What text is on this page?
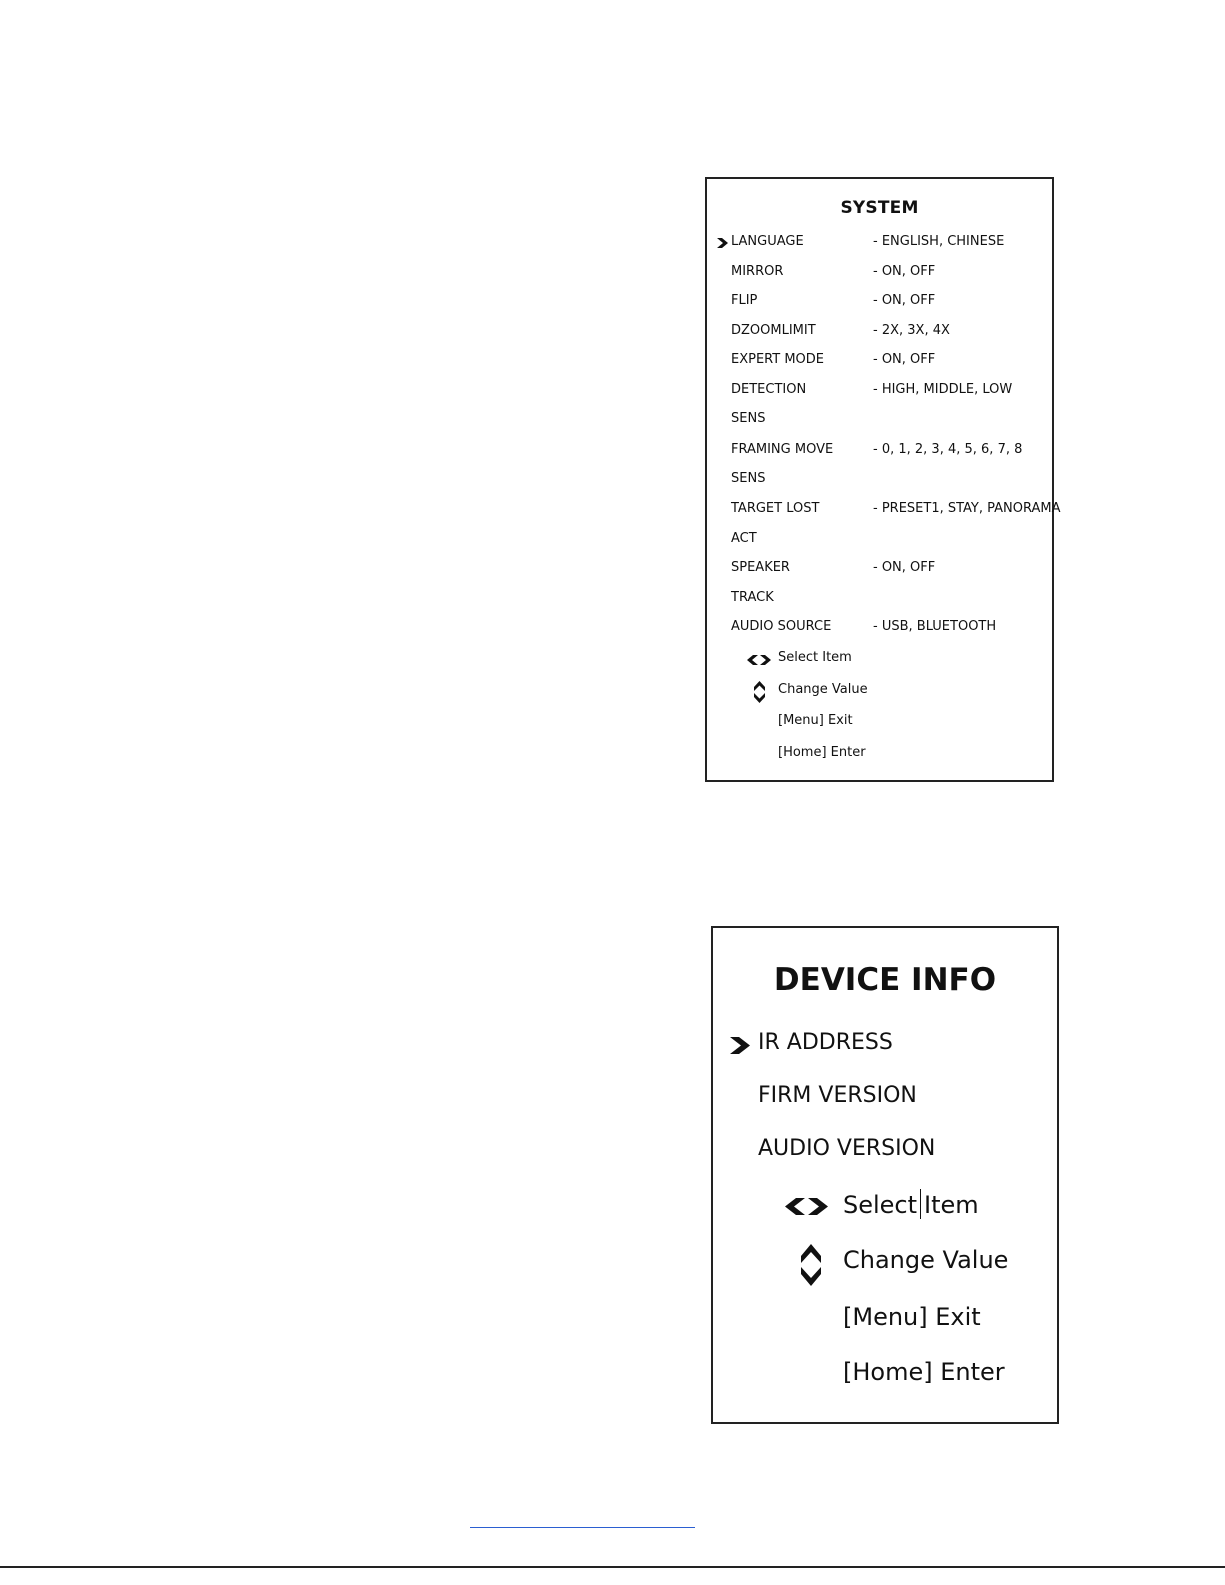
SYSTEM
LANGUAGE	- ENGLISH, CHINESE
MIRROR	- ON, OFF
FLIP	- ON, OFF
DZOOMLIMIT	- 2X, 3X, 4X
EXPERT MODE	- ON, OFF
DETECTION	- HIGH, MIDDLE, LOW
SENS
FRAMING MOVE	- 0, 1, 2, 3, 4, 5, 6, 7, 8
SENS
TARGET LOST	- PRESET1, STAY, PANORAMA
ACT
SPEAKER	- ON, OFF
TRACK
AUDIO SOURCE	- USB, BLUETOOTH
Select Item
Change Value
[Menu] Exit
[Home] Enter
DEVICE INFO
IR ADDRESS
FIRM VERSION
AUDIO VERSION
Select Item
Change Value
[Menu] Exit
[Home] Enter
